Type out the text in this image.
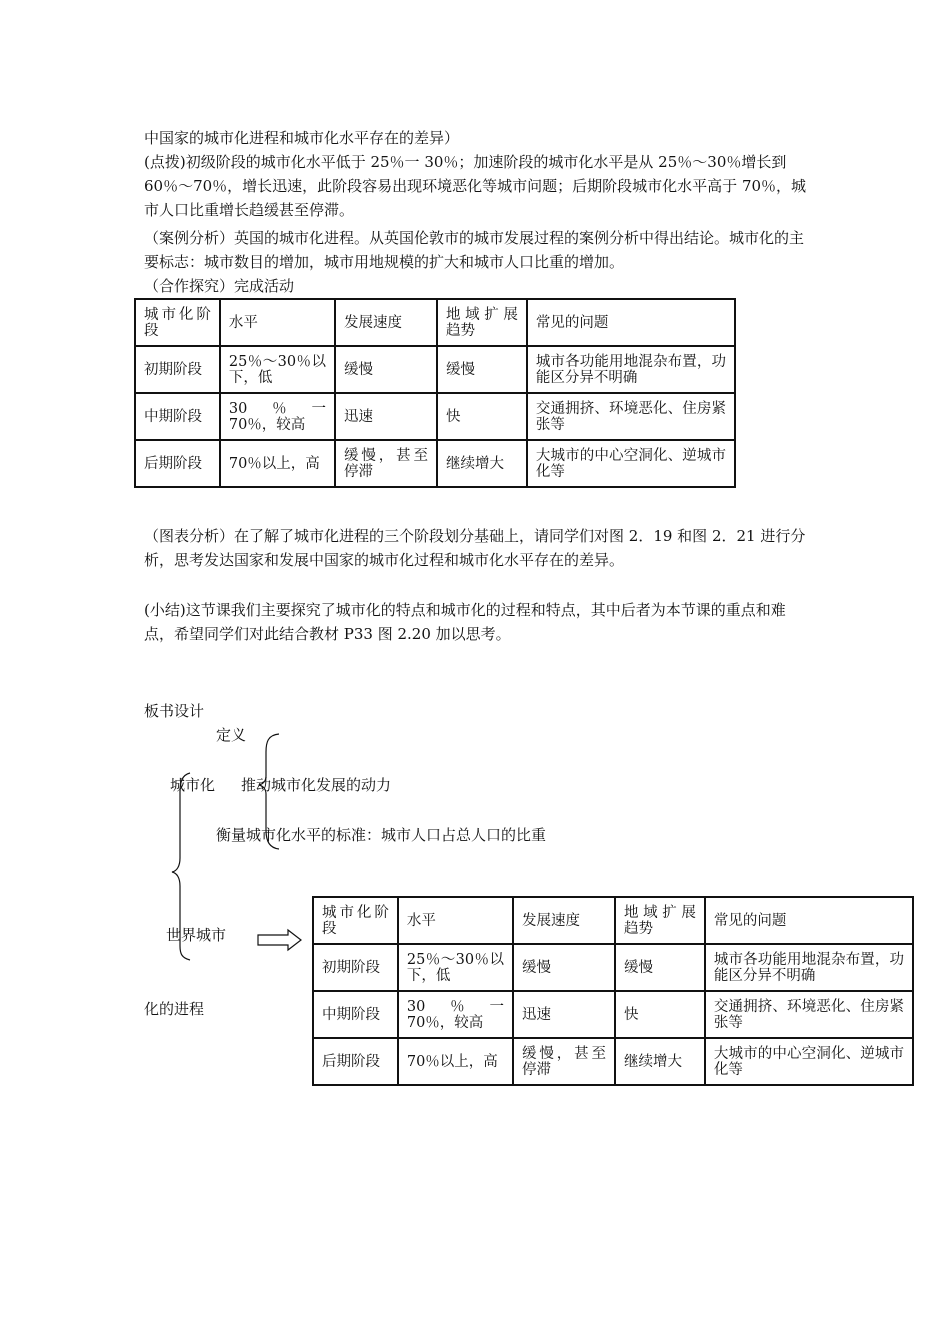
中国家的城市化进程和城市化水平存在的差异）

(点拨)初级阶段的城市化水平低于 25％一 30％；加速阶段的城市化水平是从 25％～30％增长到 60％～70％，增长迅速，此阶段容易出现环境恶化等城市问题；后期阶段城市化水平高于 70％，城市人口比重增长趋缓甚至停滞。

（案例分析）英国的城市化进程。从英国伦敦市的城市发展过程的案例分析中得出结论。城市化的主要标志：城市数目的增加，城市用地规模的扩大和城市人口比重的增加。

（合作探究）完成活动

城市化阶段	水平	发展速度	地域扩展趋势	常见的问题
初期阶段	25％～30％以下，低	缓慢	缓慢	城市各功能用地混杂布置，功能区分异不明确
中期阶段	30％一 70％，较高	迅速	快	交通拥挤、环境恶化、住房紧张等
后期阶段	70％以上，高	缓慢，甚至停滞	继续增大	大城市的中心空洞化、逆城市化等

（图表分析）在了解了城市化进程的三个阶段划分基础上，请同学们对图 2．19 和图 2．21 进行分析，思考发达国家和发展中国家的城市化过程和城市化水平存在的差异。

(小结)这节课我们主要探究了城市化的特点和城市化的过程和特点，其中后者为本节课的重点和难点，希望同学们对此结合教材 P33 图 2.20 加以思考。

板书设计
定义
城市化 推动城市化发展的动力
衡量城市化水平的标准：城市人口占总人口的比重
世界城市
化的进程
城市化阶段	水平	发展速度	地域扩展趋势	常见的问题
初期阶段	25％～30％以下，低	缓慢	缓慢	城市各功能用地混杂布置，功能区分异不明确
中期阶段	30％一 70％，较高	迅速	快	交通拥挤、环境恶化、住房紧张等
后期阶段	70％以上，高	缓慢，甚至停滞	继续增大	大城市的中心空洞化、逆城市化等
